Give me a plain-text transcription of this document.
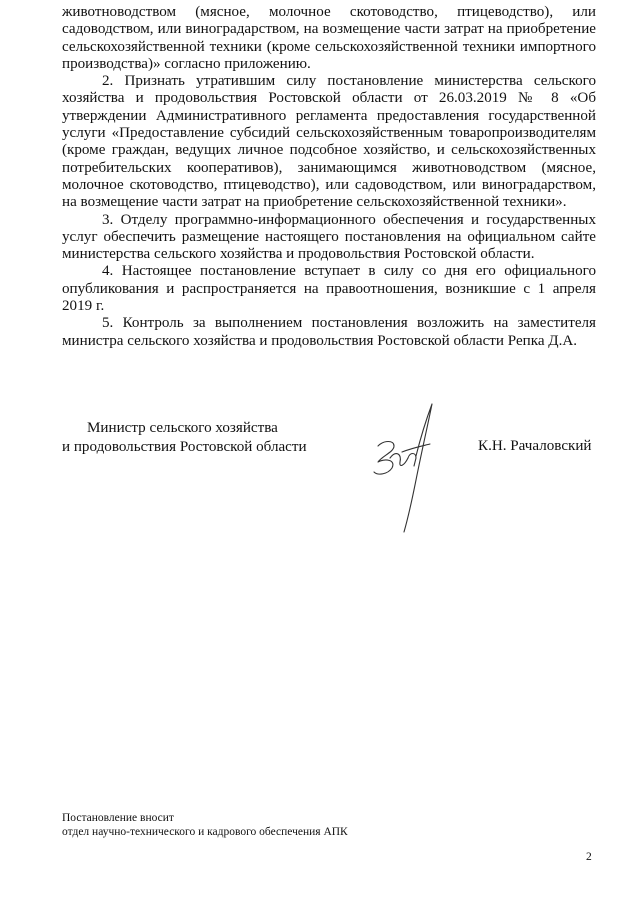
животноводством (мясное, молочное скотоводство, птицеводство), или садоводством, или виноградарством, на возмещение части затрат на приобретение сельскохозяйственной техники (кроме сельскохозяйственной техники импортного производства)» согласно приложению.

2. Признать утратившим силу постановление министерства сельского хозяйства и продовольствия Ростовской области от 26.03.2019 № 8 «Об утверждении Административного регламента предоставления государственной услуги «Предоставление субсидий сельскохозяйственным товаропроизводителям (кроме граждан, ведущих личное подсобное хозяйство, и сельскохозяйственных потребительских кооперативов), занимающимся животноводством (мясное, молочное скотоводство, птицеводство), или садоводством, или виноградарством, на возмещение части затрат на приобретение сельскохозяйственной техники».

3. Отделу программно-информационного обеспечения и государственных услуг обеспечить размещение настоящего постановления на официальном сайте министерства сельского хозяйства и продовольствия Ростовской области.

4. Настоящее постановление вступает в силу со дня его официального опубликования и распространяется на правоотношения, возникшие с 1 апреля 2019 г.

5. Контроль за выполнением постановления возложить на заместителя министра сельского хозяйства и продовольствия Ростовской области Репка Д.А.

Министр сельского хозяйства
и продовольствия Ростовской области	К.Н. Рачаловский
Постановление вносит
отдел научно-технического и кадрового обеспечения АПК
2
